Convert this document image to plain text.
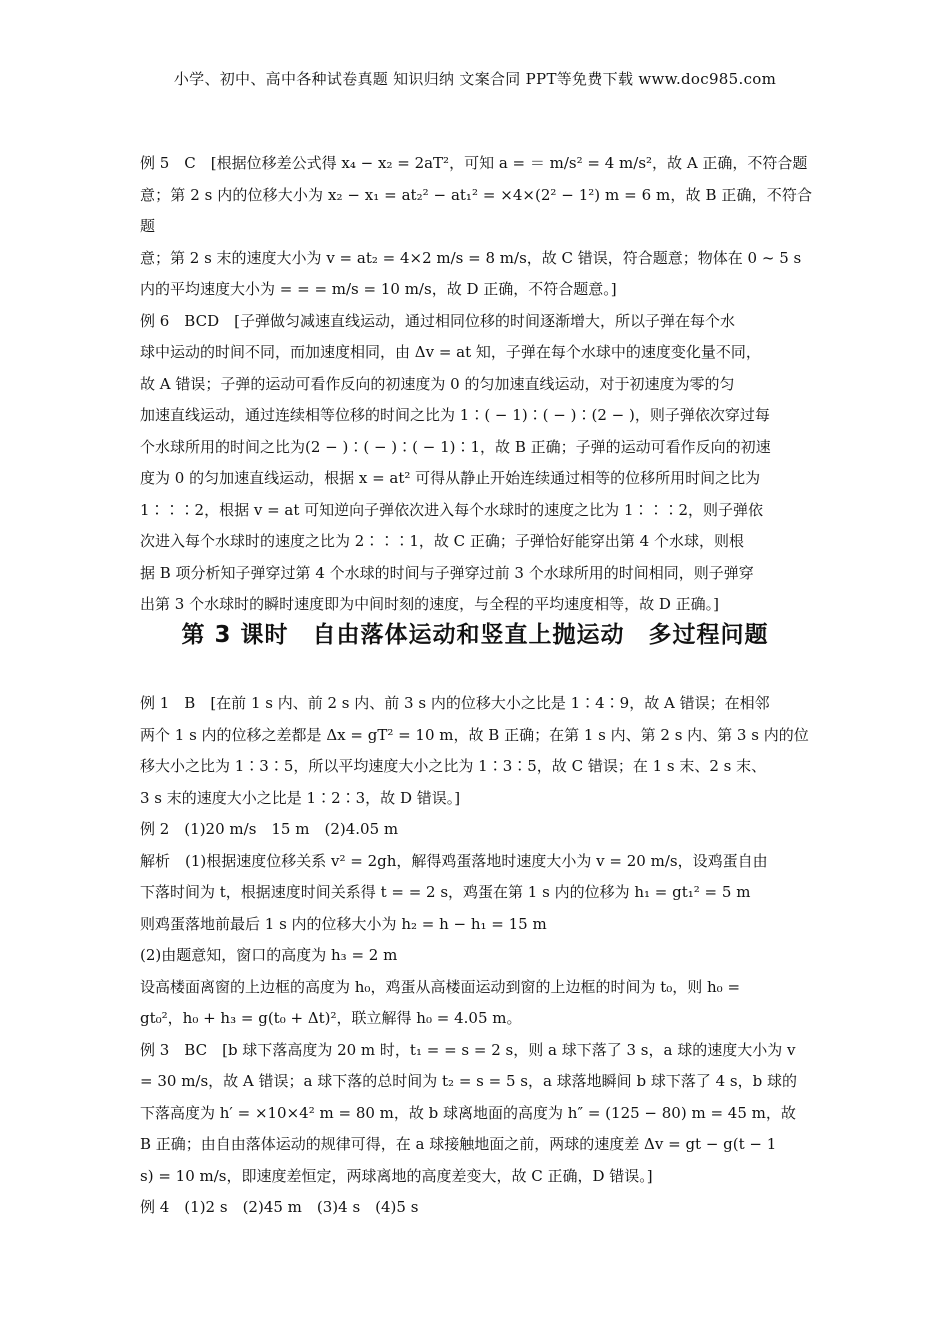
小学、初中、高中各种试卷真题 知识归纳 文案合同 PPT等免费下载 www.doc985.com

例 5　C　[根据位移差公式得 x₄ − x₂ = 2aT²，可知 a = ＝ m/s² = 4 m/s²，故 A 正确，不符合题

意；第 2 s 内的位移大小为 x₂ − x₁ = at₂² − at₁² = ×4×(2² − 1²) m = 6 m，故 B 正确，不符合题

意；第 2 s 末的速度大小为 v = at₂ = 4×2 m/s = 8 m/s，故 C 错误，符合题意；物体在 0 ~ 5 s

内的平均速度大小为 = = = m/s = 10 m/s，故 D 正确，不符合题意。]

例 6　BCD　[子弹做匀减速直线运动，通过相同位移的时间逐渐增大，所以子弹在每个水

球中运动的时间不同，而加速度相同，由 Δv = at 知，子弹在每个水球中的速度变化量不同，

故 A 错误；子弹的运动可看作反向的初速度为 0 的匀加速直线运动，对于初速度为零的匀

加速直线运动，通过连续相等位移的时间之比为 1∶( − 1)∶( − )∶(2 − )，则子弹依次穿过每

个水球所用的时间之比为(2 − )∶( − )∶( − 1)∶1，故 B 正确；子弹的运动可看作反向的初速

度为 0 的匀加速直线运动，根据 x = at² 可得从静止开始连续通过相等的位移所用时间之比为

1∶∶∶2，根据 v = at 可知逆向子弹依次进入每个水球时的速度之比为 1∶∶∶2，则子弹依

次进入每个水球时的速度之比为 2∶∶∶1，故 C 正确；子弹恰好能穿出第 4 个水球，则根

据 B 项分析知子弹穿过第 4 个水球的时间与子弹穿过前 3 个水球所用的时间相同，则子弹穿

出第 3 个水球时的瞬时速度即为中间时刻的速度，与全程的平均速度相等，故 D 正确。]

第 3 课时　自由落体运动和竖直上抛运动　多过程问题

例 1　B　[在前 1 s 内、前 2 s 内、前 3 s 内的位移大小之比是 1∶4∶9，故 A 错误；在相邻

两个 1 s 内的位移之差都是 Δx = gT² = 10 m，故 B 正确；在第 1 s 内、第 2 s 内、第 3 s 内的位

移大小之比为 1∶3∶5，所以平均速度大小之比为 1∶3∶5，故 C 错误；在 1 s 末、2 s 末、

3 s 末的速度大小之比是 1∶2∶3，故 D 错误。]

例 2　(1)20 m/s　15 m　(2)4.05 m

解析　(1)根据速度位移关系 v² = 2gh，解得鸡蛋落地时速度大小为 v = 20 m/s，设鸡蛋自由

下落时间为 t，根据速度时间关系得 t = = 2 s，鸡蛋在第 1 s 内的位移为 h₁ = gt₁² = 5 m

则鸡蛋落地前最后 1 s 内的位移大小为 h₂ = h − h₁ = 15 m

(2)由题意知，窗口的高度为 h₃ = 2 m

设高楼面离窗的上边框的高度为 h₀，鸡蛋从高楼面运动到窗的上边框的时间为 t₀，则 h₀ =

gt₀²，h₀ + h₃ = g(t₀ + Δt)²，联立解得 h₀ = 4.05 m。

例 3　BC　[b 球下落高度为 20 m 时，t₁ = = s = 2 s，则 a 球下落了 3 s，a 球的速度大小为 v

= 30 m/s，故 A 错误；a 球下落的总时间为 t₂ = s = 5 s，a 球落地瞬间 b 球下落了 4 s，b 球的

下落高度为 h′ = ×10×4² m = 80 m，故 b 球离地面的高度为 h″ = (125 − 80) m = 45 m，故

B 正确；由自由落体运动的规律可得，在 a 球接触地面之前，两球的速度差 Δv = gt − g(t − 1

s) = 10 m/s，即速度差恒定，两球离地的高度差变大，故 C 正确，D 错误。]

例 4　(1)2 s　(2)45 m　(3)4 s　(4)5 s
